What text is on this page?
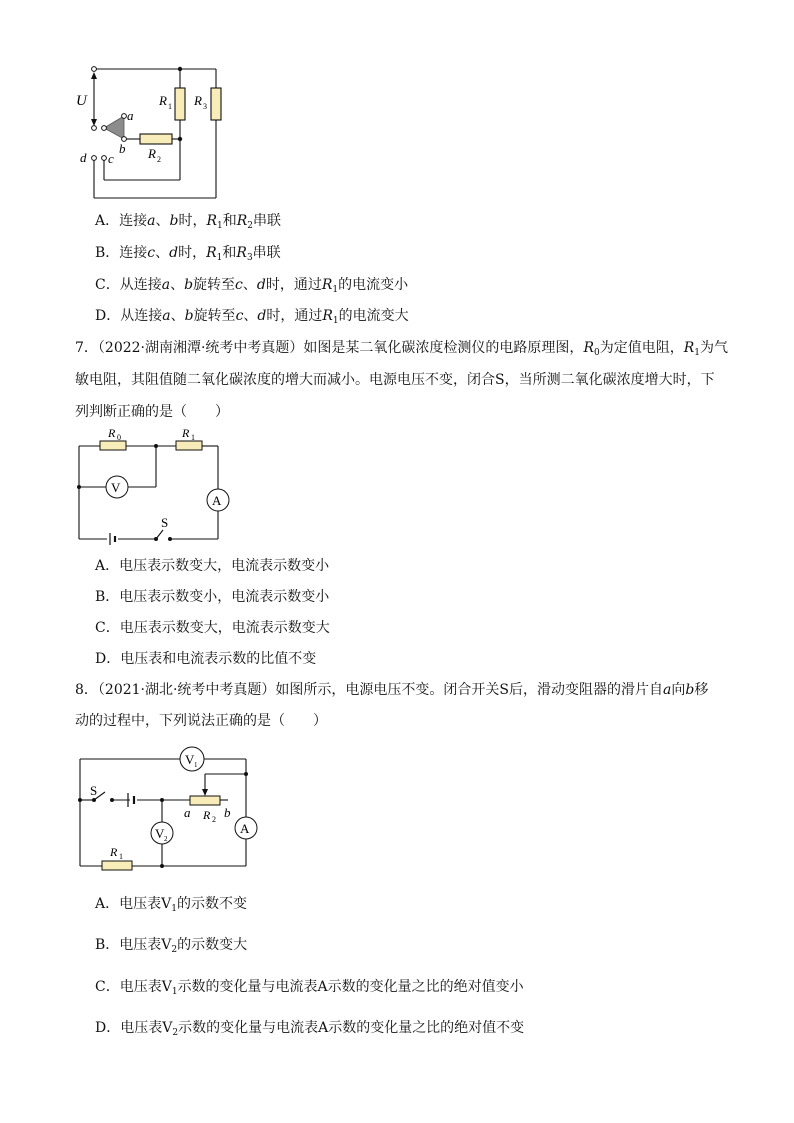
U
a
b
d c
R 1 R 3
R 2
A．连接a、b时，$R_1$和$R_2$串联
B．连接c、d时，$R_1$和$R_3$串联
C．从连接a、b旋转至c、d时，通过$R_1$的电流变小
D．从连接a、b旋转至c、d时，通过$R_1$的电流变大
7．（2022·湖南湘潭·统考中考真题）如图是某二氧化碳浓度检测仪的电路原理图，$R_0$为定值电阻，$R_1$为气
敏电阻，其阻值随二氧化碳浓度的增大而减小。电源电压不变，闭合S，当所测二氧化碳浓度增大时，下
列判断正确的是（　　）
V
A
R 0	R 1
S
A．电压表示数变大，电流表示数变小
B．电压表示数变小，电流表示数变小
C．电压表示数变大，电流表示数变大
D．电压表和电流表示数的比值不变
8．（2021·湖北·统考中考真题）如图所示，电源电压不变。闭合开关S后，滑动变阻器的滑片自a向b移
动的过程中，下列说法正确的是（　　）
V 1
V 2
A
S
a	b
R 2
R 1
A．电压表$V_1$的示数不变
B．电压表$V_2$的示数变大
C．电压表$V_1$示数的变化量与电流表A示数的变化量之比的绝对值变小
D．电压表$V_2$示数的变化量与电流表A示数的变化量之比的绝对值不变
